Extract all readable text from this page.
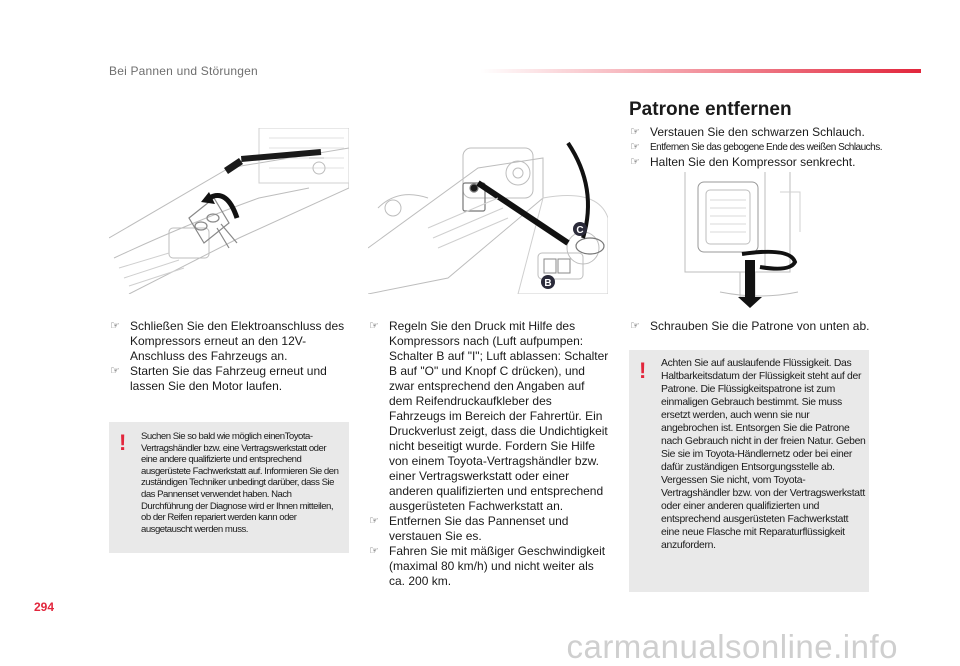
Bei Pannen und Störungen
C
B
☞ Schließen Sie den Elektroanschluss des Kompressors erneut an den 12V-Anschluss des Fahrzeugs an.
☞ Starten Sie das Fahrzeug erneut und lassen Sie den Motor laufen.
! Suchen Sie so bald wie möglich einenToyota-Vertragshändler bzw. eine Vertragswerkstatt oder eine andere qualifizierte und entsprechend ausgerüstete Fachwerkstatt auf. Informieren Sie den zuständigen Techniker unbedingt darüber, dass Sie das Pannenset verwendet haben. Nach Durchführung der Diagnose wird er Ihnen mitteilen, ob der Reifen repariert werden kann oder ausgetauscht werden muss.
☞ Regeln Sie den Druck mit Hilfe des Kompressors nach (Luft aufpumpen: Schalter B auf "I"; Luft ablassen: Schalter B auf "O" und Knopf C drücken), und zwar entsprechend den Angaben auf dem Reifendruckaufkleber des Fahrzeugs im Bereich der Fahrertür. Ein Druckverlust zeigt, dass die Undichtigkeit nicht beseitigt wurde. Fordern Sie Hilfe von einem Toyota-Vertragshändler bzw. einer Vertragswerkstatt oder einer anderen qualifizierten und entsprechend ausgerüsteten Fachwerkstatt an.
☞ Entfernen Sie das Pannenset und verstauen Sie es.
☞ Fahren Sie mit mäßiger Geschwindigkeit (maximal 80 km/h) und nicht weiter als ca. 200 km.
Patrone entfernen
☞ Verstauen Sie den schwarzen Schlauch.
☞ Entfernen Sie das gebogene Ende des weißen Schlauchs.
☞ Halten Sie den Kompressor senkrecht.
☞ Schrauben Sie die Patrone von unten ab.
! Achten Sie auf auslaufende Flüssigkeit. Das Haltbarkeitsdatum der Flüssigkeit steht auf der Patrone. Die Flüssigkeitspatrone ist zum einmaligen Gebrauch bestimmt. Sie muss ersetzt werden, auch wenn sie nur angebrochen ist. Entsorgen Sie die Patrone nach Gebrauch nicht in der freien Natur. Geben Sie sie im Toyota-Händlernetz oder bei einer dafür zuständigen Entsorgungsstelle ab. Vergessen Sie nicht, vom Toyota-Vertragshändler bzw. von der Vertragswerkstatt oder einer anderen qualifizierten und entsprechend ausgerüsteten Fachwerkstatt eine neue Flasche mit Reparaturflüssigkeit anzufordern.
294
carmanualsonline.info
